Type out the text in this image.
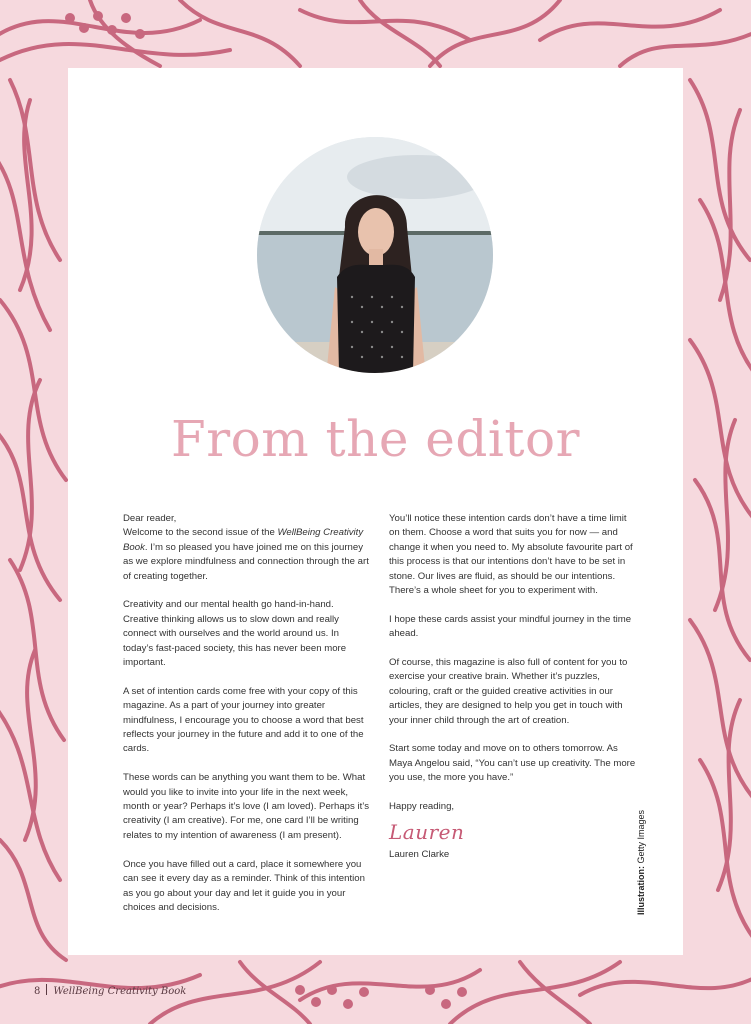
From the editor

Dear reader,
Welcome to the second issue of the WellBeing Creativity Book. I’m so pleased you have joined me on this journey as we explore mindfulness and connection through the art of creating together.

Creativity and our mental health go hand-in-hand. Creative thinking allows us to slow down and really connect with ourselves and the world around us. In today’s fast-paced society, this has never been more important.

A set of intention cards come free with your copy of this magazine. As a part of your journey into greater mindfulness, I encourage you to choose a word that best reflects your journey in the future and add it to one of the cards.

These words can be anything you want them to be. What would you like to invite into your life in the next week, month or year? Perhaps it’s love (I am loved). Perhaps it’s creativity (I am creative). For me, one card I’ll be writing relates to my intention of awareness (I am present).

Once you have filled out a card, place it somewhere you can see it every day as a reminder. Think of this intention as you go about your day and let it guide you in your choices and decisions.

You’ll notice these intention cards don’t have a time limit on them. Choose a word that suits you for now — and change it when you need to. My absolute favourite part of this process is that our intentions don’t have to be set in stone. Our lives are fluid, as should be our intentions. There’s a whole sheet for you to experiment with.

I hope these cards assist your mindful journey in the time ahead.

Of course, this magazine is also full of content for you to exercise your creative brain. Whether it’s puzzles, colouring, craft or the guided creative activities in our articles, they are designed to help you get in touch with your inner child through the art of creation.

Start some today and move on to others tomorrow. As Maya Angelou said, “You can’t use up creativity. The more you use, the more you have.”

Happy reading,

Lauren

Lauren Clarke

Illustration: Getty Images
8 WellBeing Creativity Book
